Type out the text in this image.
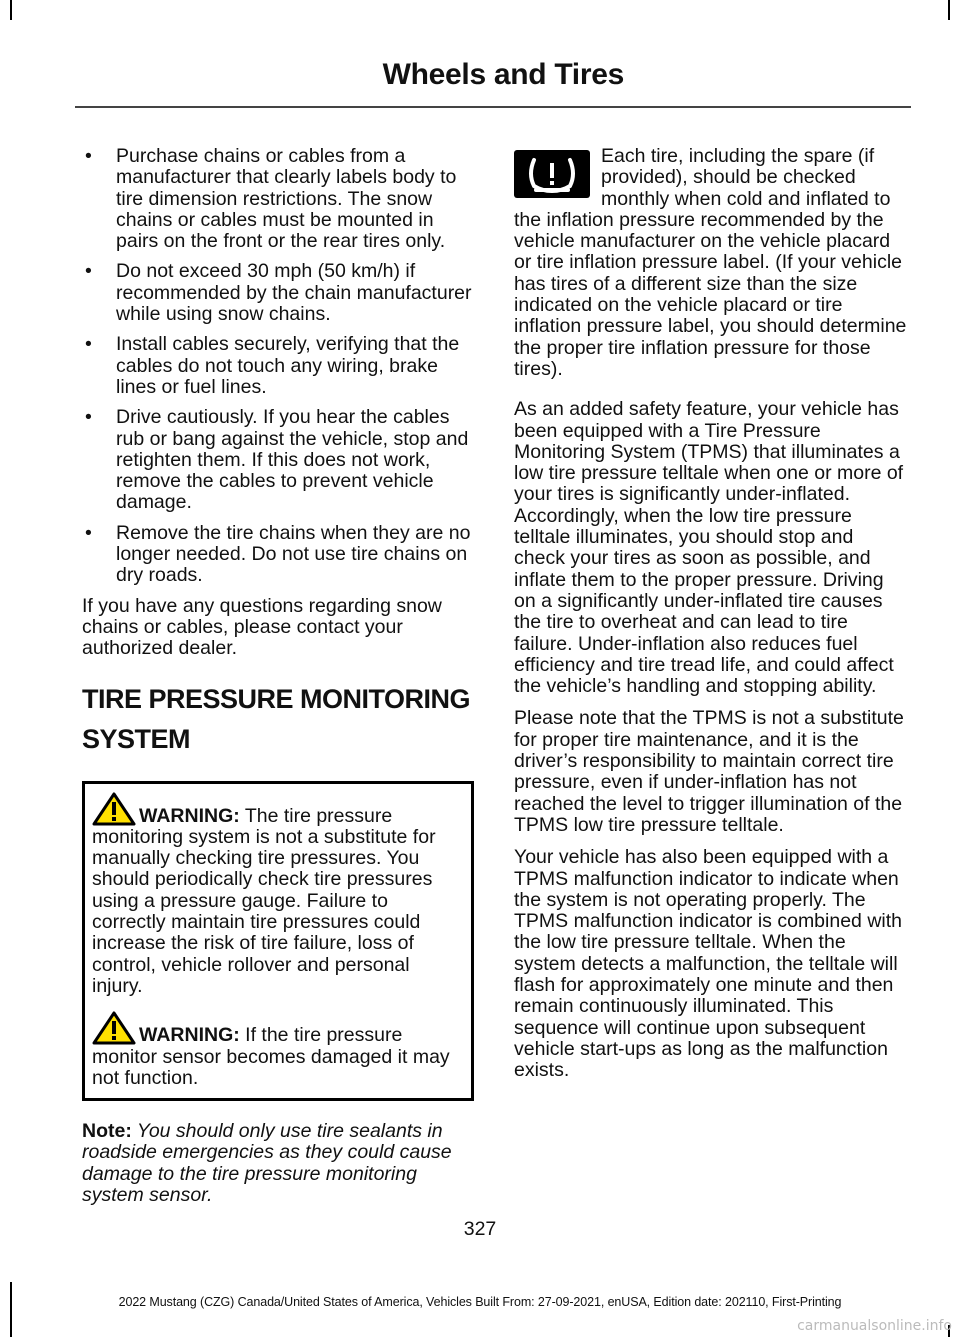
Wheels and Tires
• Purchase chains or cables from a manufacturer that clearly labels body to tire dimension restrictions. The snow chains or cables must be mounted in pairs on the front or the rear tires only.
• Do not exceed 30 mph (50 km/h) if recommended by the chain manufacturer while using snow chains.
• Install cables securely, verifying that the cables do not touch any wiring, brake lines or fuel lines.
• Drive cautiously. If you hear the cables rub or bang against the vehicle, stop and retighten them. If this does not work, remove the cables to prevent vehicle damage.
• Remove the tire chains when they are no longer needed. Do not use tire chains on dry roads.

If you have any questions regarding snow chains or cables, please contact your authorized dealer.

TIRE PRESSURE MONITORING
SYSTEM

WARNING: The tire pressure monitoring system is not a substitute for manually checking tire pressures. You should periodically check tire pressures using a pressure gauge. Failure to correctly maintain tire pressures could increase the risk of tire failure, loss of control, vehicle rollover and personal injury.

WARNING: If the tire pressure monitor sensor becomes damaged it may not function.

Note: You should only use tire sealants in roadside emergencies as they could cause damage to the tire pressure monitoring system sensor.

Each tire, including the spare (if provided), should be checked monthly when cold and inflated to the inflation pressure recommended by the vehicle manufacturer on the vehicle placard or tire inflation pressure label. (If your vehicle has tires of a different size than the size indicated on the vehicle placard or tire inflation pressure label, you should determine the proper tire inflation pressure for those tires).

As an added safety feature, your vehicle has been equipped with a Tire Pressure Monitoring System (TPMS) that illuminates a low tire pressure telltale when one or more of your tires is significantly under-inflated. Accordingly, when the low tire pressure telltale illuminates, you should stop and check your tires as soon as possible, and inflate them to the proper pressure. Driving on a significantly under-inflated tire causes the tire to overheat and can lead to tire failure. Under-inflation also reduces fuel efficiency and tire tread life, and could affect the vehicle’s handling and stopping ability.

Please note that the TPMS is not a substitute for proper tire maintenance, and it is the driver’s responsibility to maintain correct tire pressure, even if under-inflation has not reached the level to trigger illumination of the TPMS low tire pressure telltale.

Your vehicle has also been equipped with a TPMS malfunction indicator to indicate when the system is not operating properly. The TPMS malfunction indicator is combined with the low tire pressure telltale. When the system detects a malfunction, the telltale will flash for approximately one minute and then remain continuously illuminated. This sequence will continue upon subsequent vehicle start-ups as long as the malfunction exists.

327
2022 Mustang (CZG) Canada/United States of America, Vehicles Built From: 27-09-2021, enUSA, Edition date: 202110, First-Printing
carmanualsonline.info
